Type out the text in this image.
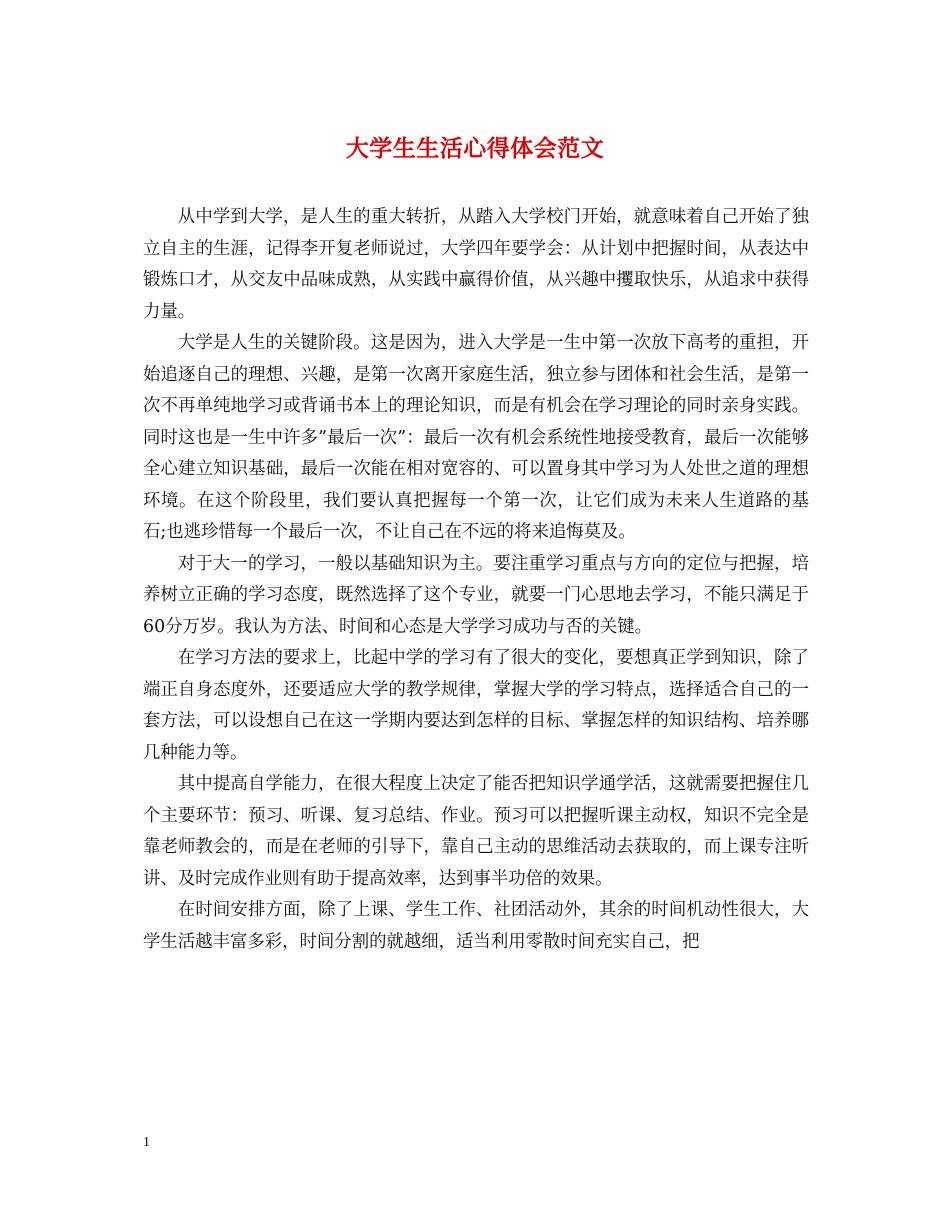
大学生生活心得体会范文

从中学到大学，是人生的重大转折，从踏入大学校门开始，就意味着自己开始了独立自主的生涯，记得李开复老师说过，大学四年要学会：从计划中把握时间，从表达中锻炼口才，从交友中品味成熟，从实践中赢得价值，从兴趣中攫取快乐，从追求中获得力量。

大学是人生的关键阶段。这是因为，进入大学是一生中第一次放下高考的重担，开始追逐自己的理想、兴趣，是第一次离开家庭生活，独立参与团体和社会生活，是第一次不再单纯地学习或背诵书本上的理论知识，而是有机会在学习理论的同时亲身实践。同时这也是一生中许多”最后一次”：最后一次有机会系统性地接受教育，最后一次能够全心建立知识基础，最后一次能在相对宽容的、可以置身其中学习为人处世之道的理想环境。在这个阶段里，我们要认真把握每一个第一次，让它们成为未来人生道路的基石;也逃珍惜每一个最后一次，不让自己在不远的将来追悔莫及。

对于大一的学习，一般以基础知识为主。要注重学习重点与方向的定位与把握，培养树立正确的学习态度，既然选择了这个专业，就要一门心思地去学习，不能只满足于60分万岁。我认为方法、时间和心态是大学学习成功与否的关键。

在学习方法的要求上，比起中学的学习有了很大的变化，要想真正学到知识，除了端正自身态度外，还要适应大学的教学规律，掌握大学的学习特点，选择适合自己的一套方法，可以设想自己在这一学期内要达到怎样的目标、掌握怎样的知识结构、培养哪几种能力等。

其中提高自学能力，在很大程度上决定了能否把知识学通学活，这就需要把握住几个主要环节：预习、听课、复习总结、作业。预习可以把握听课主动权，知识不完全是靠老师教会的，而是在老师的引导下，靠自己主动的思维活动去获取的，而上课专注听讲、及时完成作业则有助于提高效率，达到事半功倍的效果。

在时间安排方面，除了上课、学生工作、社团活动外，其余的时间机动性很大，大学生活越丰富多彩，时间分割的就越细，适当利用零散时间充实自己，把

1
